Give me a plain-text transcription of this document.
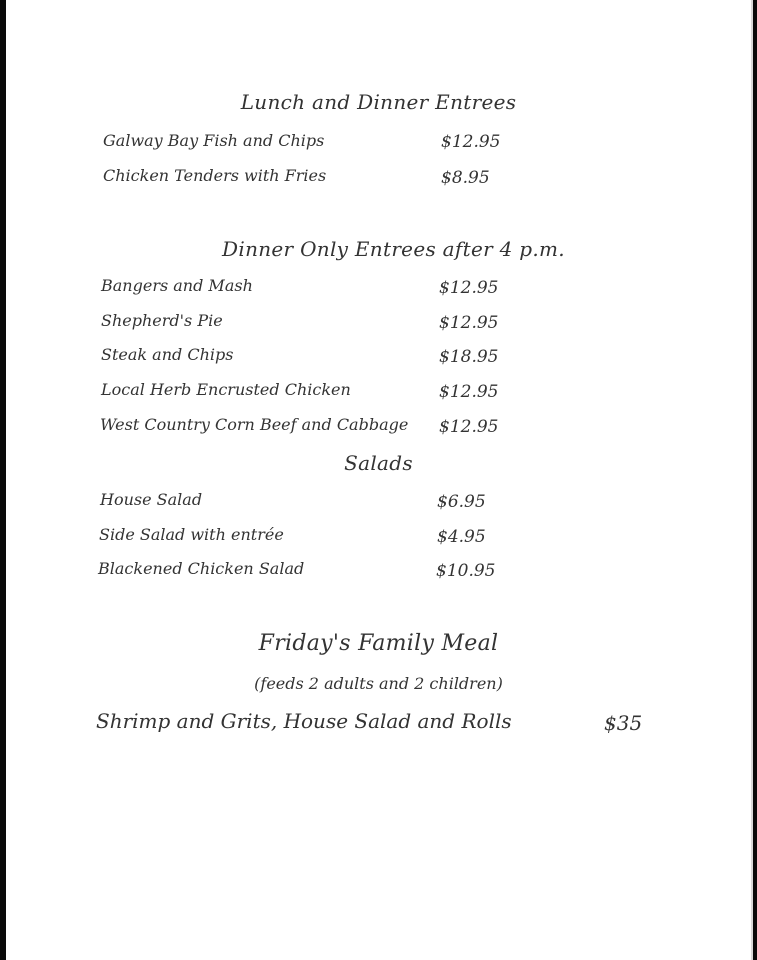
Lunch and Dinner Entrees
Galway Bay Fish and Chips	$12.95
Chicken Tenders with Fries	$8.95
Dinner Only Entrees after 4 p.m.
Bangers and Mash	$12.95
Shepherd's Pie	$12.95
Steak and Chips	$18.95
Local Herb Encrusted Chicken	$12.95
West Country Corn Beef and Cabbage $12.95
Salads
House Salad	$6.95
Side Salad with entrée	$4.95
Blackened Chicken Salad	$10.95
Friday's Family Meal
(feeds 2 adults and 2 children)
Shrimp and Grits, House Salad and Rolls	$35
